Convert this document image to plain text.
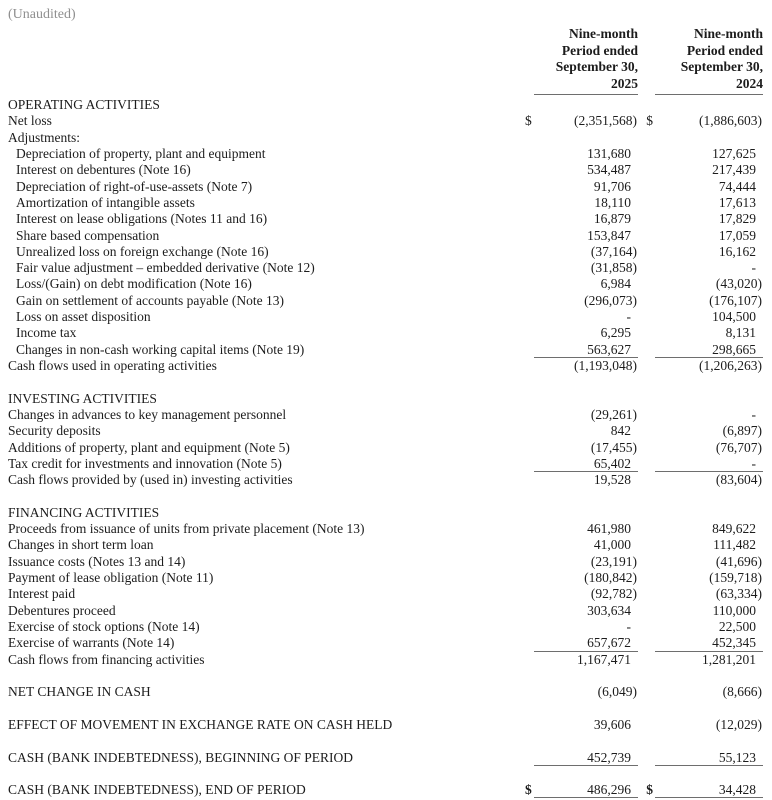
(Unaudited)
Nine-month
Period ended
September 30,
2025
Nine-month
Period ended
September 30,
2024
OPERATING ACTIVITIES
Net loss	$	(2,351,568) $	(1,886,603)
Adjustments:
Depreciation of property, plant and equipment	131,680	127,625
Interest on debentures (Note 16)	534,487	217,439
Depreciation of right-of-use-assets (Note 7)	91,706	74,444
Amortization of intangible assets	18,110	17,613
Interest on lease obligations (Notes 11 and 16)	16,879	17,829
Share based compensation	153,847	17,059
Unrealized loss on foreign exchange (Note 16)	(37,164)	16,162
Fair value adjustment – embedded derivative (Note 12)	(31,858)	-
Loss/(Gain) on debt modification (Note 16)	6,984	(43,020)
Gain on settlement of accounts payable (Note 13)	(296,073)	(176,107)
Loss on asset disposition	-	104,500
Income tax	6,295	8,131
Changes in non-cash working capital items (Note 19)	563,627	298,665
Cash flows used in operating activities	(1,193,048)	(1,206,263)
INVESTING ACTIVITIES
Changes in advances to key management personnel	(29,261)	-
Security deposits	842	(6,897)
Additions of property, plant and equipment (Note 5)	(17,455)	(76,707)
Tax credit for investments and innovation (Note 5)	65,402	-
Cash flows provided by (used in) investing activities	19,528	(83,604)
FINANCING ACTIVITIES
Proceeds from issuance of units from private placement (Note 13)	461,980	849,622
Changes in short term loan	41,000	111,482
Issuance costs (Notes 13 and 14)	(23,191)	(41,696)
Payment of lease obligation (Note 11)	(180,842)	(159,718)
Interest paid	(92,782)	(63,334)
Debentures proceed	303,634	110,000
Exercise of stock options (Note 14)	-	22,500
Exercise of warrants (Note 14)	657,672	452,345
Cash flows from financing activities	1,167,471	1,281,201
NET CHANGE IN CASH	(6,049)	(8,666)
EFFECT OF MOVEMENT IN EXCHANGE RATE ON CASH HELD	39,606	(12,029)
CASH (BANK INDEBTEDNESS), BEGINNING OF PERIOD	452,739	55,123
CASH (BANK INDEBTEDNESS), END OF PERIOD	$	486,296	$	34,428
